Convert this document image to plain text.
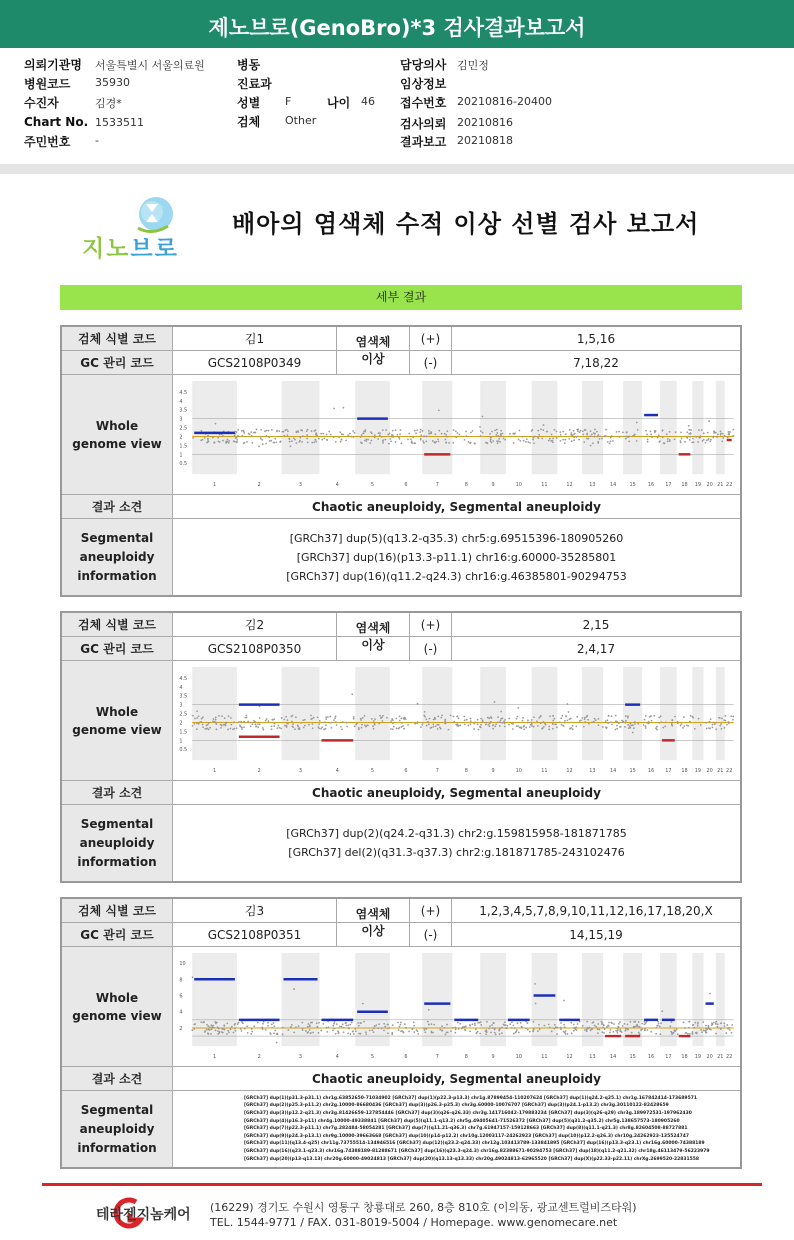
제노브로(GenoBro)*3 검사결과보고서
의뢰기관명 서울특별시 서울의료원
병원코드 35930
수진자	김경*
Chart No. 1533511
주민번호 -
병동
진료과
성별 F	나이 46
검체 Other
담당의사 김민정
임상정보
접수번호 20210816-20400
검사의뢰 20210816
결과보고 20210818
지노브로
배아의 염색체 수적 이상 선별 검사 보고서
세부 결과
검체 식별 코드	김1	(+)	1,5,16
GC 관리 코드	GCS2108P0349	(-)	7,18,22
염색체 이상
Whole genome view
1	2	3	4	5	6	7	8	9	10	11	12	13	14	15 16 17 18 19 20 21 22
4.5
4
3.5
3
2.5
2
1.5
1
0.5
결과 소견	Chaotic aneuploidy, Segmental aneuploidy
Segmental aneuploidy information
[GRCh37] dup(5)(q13.2-q35.3) chr5:g.69515396-180905260
[GRCh37] dup(16)(p13.3-p11.1) chr16:g.60000-35285801
[GRCh37] dup(16)(q11.2-q24.3) chr16:g.46385801-90294753
검체 식별 코드	김2	(+)	2,15
GC 관리 코드	GCS2108P0350	(-)	2,4,17
염색체 이상
Whole genome view
1	2	3	4	5	6	7	8	9	10	11	12	13	14	15 16 17 18 19 20 21 22
4.5
4
3.5
3
2.5
2
1.5
1
0.5
결과 소견	Chaotic aneuploidy, Segmental aneuploidy
Segmental aneuploidy information
[GRCh37] dup(2)(q24.2-q31.3) chr2:g.159815958-181871785
[GRCh37] del(2)(q31.3-q37.3) chr2:g.181871785-243102476
검체 식별 코드	김3	(+)	1,2,3,4,5,7,8,9,10,11,12,16,17,18,20,X
GC 관리 코드	GCS2108P0351	(-)	14,15,19
염색체 이상
Whole genome view
1	2	3	4	5	6	7	8	9	10	11	12	13	14	15 16 17 18 19 20 21 22
10
8
6
4
2
결과 소견	Chaotic aneuploidy, Segmental aneuploidy
Segmental aneuploidy information
[GRCh37] dup(1)(p31.3-p31.1) chr1g.63852650-71034902 [GRCh37] dup(1)(p22.3-p13.3) chr1g.87899454-110207624 [GRCh37] dup(1)(q24.2-q25.1) chr1g.167842414-173689571
[GRCh37] dup(2)(p25.3-p11.2) chr2g.10000-86680436 [GRCh37] dup(3)(p26.3-p25.3) chr3g.60000-10076707 [GRCh37] dup(3)(p24.1-p13.2) chr3g.30110122-82428659
[GRCh37] dup(3)(p12.2-q21.3) chr3g.81426659-127854446 [GRCh37] dup(3)(q26-q26.33) chr3g.141716042-179883234 [GRCh37] dup(3)(q26-q29) chr3g.189972531-197962430
[GRCh37] dup(4)(p16.3-p11) chr4g.10000-49338841 [GRCh37] dup(5)(q11.1-q13.2) chr5g.49405641-71526372 [GRCh37] dup(5)(q31.2-q35.2) chr5g.138657573-180905260
[GRCh37] dup(7)(p22.3-p11.1) chr7g.282484-58054281 [GRCh37] dup(7)(q11.21-q36.3) chr7g.61947157-159128663 [GRCh37] dup(8)(q11.1-q21.3) chr8g.82604508-88727881
[GRCh37] dup(9)(p24.3-p13.1) chr9g.10000-39663668 [GRCh37] dup(10)(p14-p12.2) chr10g.12003117-24262923 [GRCh37] dup(10)(p12.2-q26.3) chr10g.24262923-135524747
[GRCh37] dup(11)(q13.4-q25) chr11g.73755514-134946516 [GRCh37] dup(12)(q23.2-q24.33) chr12g.103413789-133841895 [GRCh37] dup(16)(p13.3-q23.1) chr16g.60000-74388189
[GRCh37] dup(16)(q23.1-q23.3) chr16g.74388189-81288671 [GRCh37] dup(16)(q23.3-q24.3) chr16g.82388671-90294753 [GRCh37] dup(18)(q11.2-q21.32) chr18g.46113479-56223979
[GRCh37] dup(20)(p13-q13.13) chr20g.60000-49024813 [GRCh37] dup(20)(q13.13-q13.33) chr20g.49024813-62965520 [GRCh37] dup(X)(p22.33-p22.11) chrXg.2699520-22831558
테라젠지놈케어 (16229) 경기도 수원시 영통구 창룡대로 260, 8층 810호 (이의동, 광교센트럴비즈타워)
TEL. 1544-9771 / FAX. 031-8019-5004 / Homepage. www.genomecare.net
